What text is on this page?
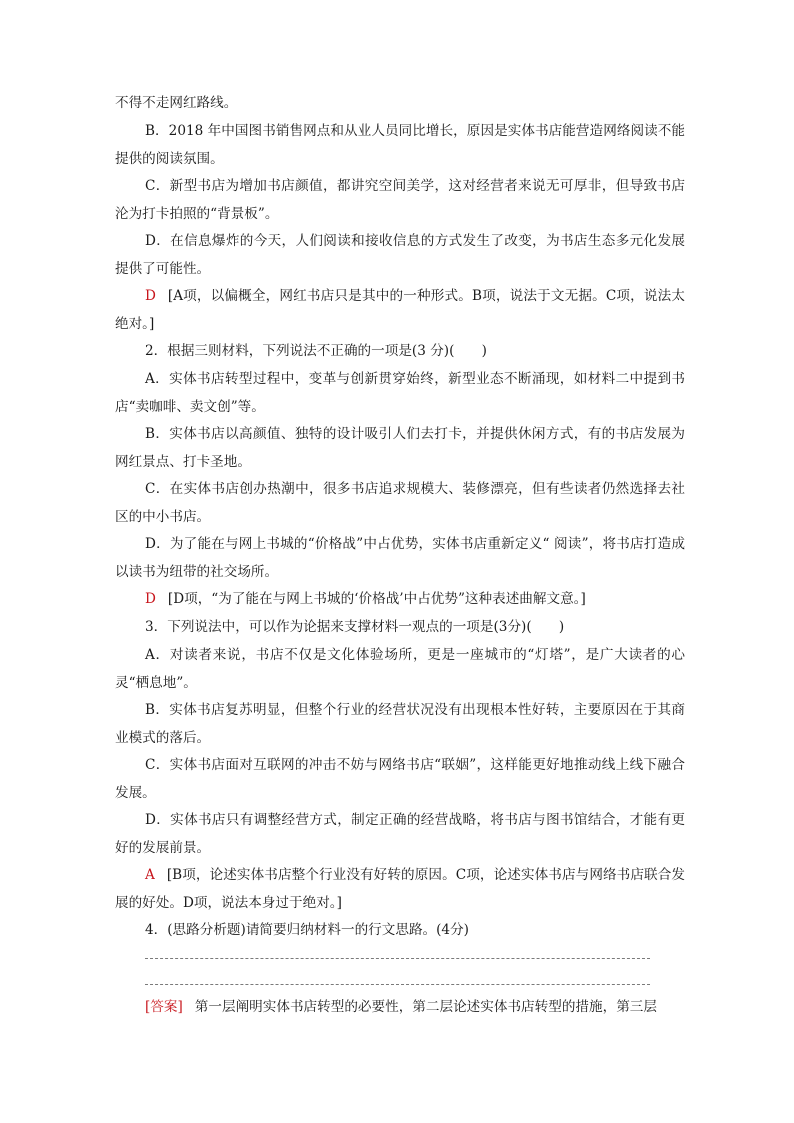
不得不走网红路线。

B．2018 年中国图书销售网点和从业人员同比增长，原因是实体书店能营造网络阅读不能提供的阅读氛围。

C．新型书店为增加书店颜值，都讲究空间美学，这对经营者来说无可厚非，但导致书店沦为打卡拍照的“背景板”。

D．在信息爆炸的今天，人们阅读和接收信息的方式发生了改变，为书店生态多元化发展提供了可能性。

D [A项，以偏概全，网红书店只是其中的一种形式。B项，说法于文无据。C项，说法太绝对。]

2．根据三则材料，下列说法不正确的一项是(3 分)(　　)

A．实体书店转型过程中，变革与创新贯穿始终，新型业态不断涌现，如材料二中提到书店“卖咖啡、卖文创”等。

B．实体书店以高颜值、独特的设计吸引人们去打卡，并提供休闲方式，有的书店发展为网红景点、打卡圣地。

C．在实体书店创办热潮中，很多书店追求规模大、装修漂亮，但有些读者仍然选择去社区的中小书店。

D．为了能在与网上书城的“价格战”中占优势，实体书店重新定义“ 阅读”，将书店打造成以读书为纽带的社交场所。

D [D项，“为了能在与网上书城的‘价格战’中占优势”这种表述曲解文意。]

3．下列说法中，可以作为论据来支撑材料一观点的一项是(3分)(　　)

A．对读者来说，书店不仅是文化体验场所，更是一座城市的“灯塔”，是广大读者的心灵“栖息地”。

B．实体书店复苏明显，但整个行业的经营状况没有出现根本性好转，主要原因在于其商业模式的落后。

C．实体书店面对互联网的冲击不妨与网络书店“联姻”，这样能更好地推动线上线下融合发展。

D．实体书店只有调整经营方式，制定正确的经营战略，将书店与图书馆结合，才能有更好的发展前景。

A [B项，论述实体书店整个行业没有好转的原因。C项，论述实体书店与网络书店联合发展的好处。D项，说法本身过于绝对。]

4．(思路分析题)请简要归纳材料一的行文思路。(4分)

[答案] 第一层阐明实体书店转型的必要性，第二层论述实体书店转型的措施，第三层
